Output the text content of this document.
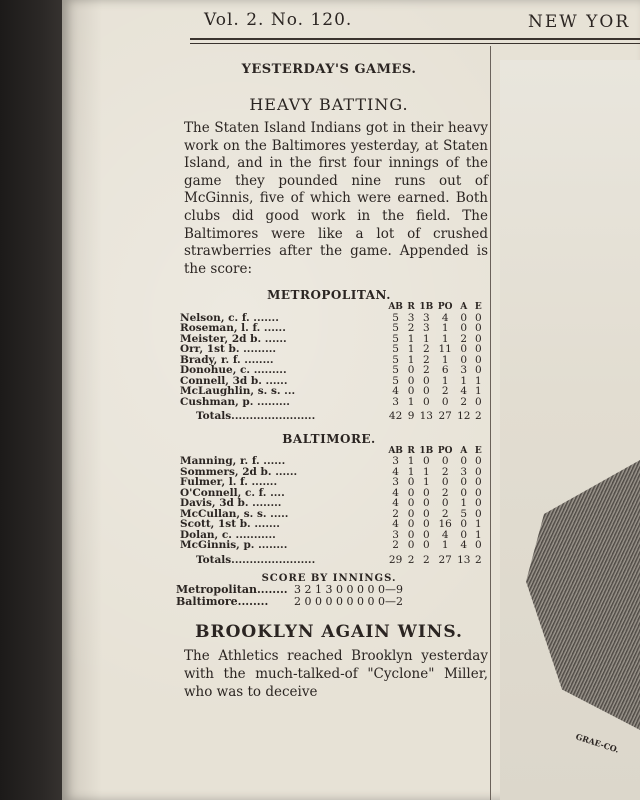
Vol. 2. No. 120.	NEW YOR
YESTERDAY'S GAMES.
HEAVY BATTING.
The Staten Island Indians got in their heavy work on the Baltimores yesterday, at Staten Island, and in the first four innings of the game they pounded nine runs out of McGinnis, five of which were earned. Both clubs did good work in the field. The Baltimores were like a lot of crushed strawberries after the game. Appended is the score:
METROPOLITAN.
	AB	R	1B	PO	A	E
Nelson, c. f. .......	5	3	3	4	0	0
Roseman, l. f. ......	5	2	3	1	0	0
Meister, 2d b. ......	5	1	1	1	2	0
Orr, 1st b. .........	5	1	2	11	0	0
Brady, r. f. ........	5	1	2	1	0	0
Donohue, c. .........	5	0	2	6	3	0
Connell, 3d b. ......	5	0	0	1	1	1
McLaughlin, s. s. ...	4	0	0	2	4	1
Cushman, p. .........	3	1	0	0	2	0
Totals.......................	42	9	13	27	12	2
BALTIMORE.
	AB	R	1B	PO	A	E
Manning, r. f. ......	3	1	0	0	0	0
Sommers, 2d b. ......	4	1	1	2	3	0
Fulmer, l. f. .......	3	0	1	0	0	0
O'Connell, c. f. ....	4	0	0	2	0	0
Davis, 3d b. ........	4	0	0	0	1	0
McCullan, s. s. .....	2	0	0	2	5	0
Scott, 1st b. .......	4	0	0	16	0	1
Dolan, c. ...........	3	0	0	4	0	1
McGinnis, p. ........	2	0	0	1	4	0
Totals.......................	29	2	2	27	13	2
SCORE BY INNINGS.
Metropolitan........ 3 2 1 3 0 0 0 0 0—9
Baltimore........ 2 0 0 0 0 0 0 0 0—2
BROOKLYN AGAIN WINS.
The Athletics reached Brooklyn yesterday with the much-talked-of "Cyclone" Miller, who was to deceive
GRAE-CO.
